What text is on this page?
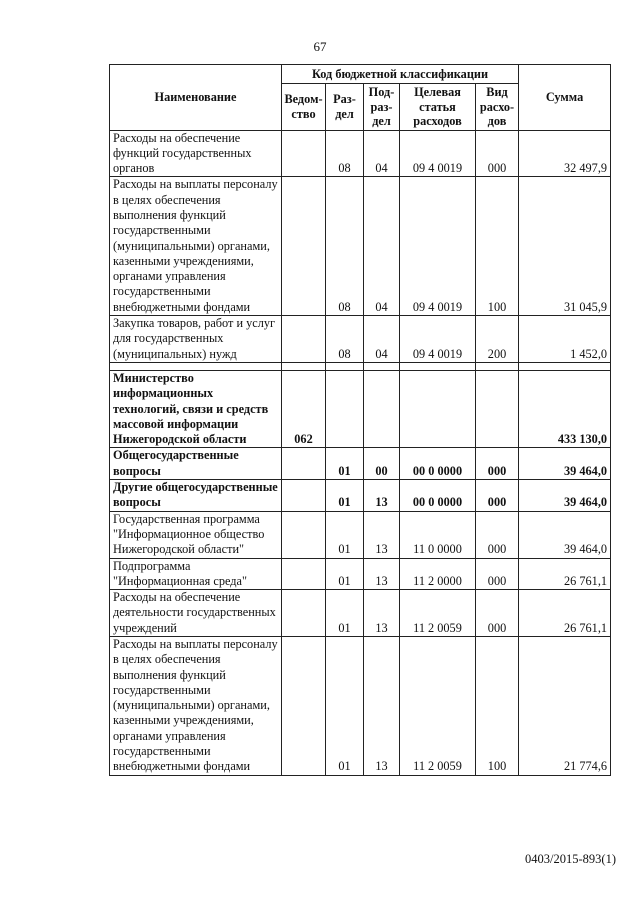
67
Наименование	Код бюджетной классификации					Сумма
	Ведом-ство	Раз-дел	Под-раз-дел	Целевая статья расходов	Вид расхо-дов	
Расходы на обеспечение функций государственных органов		08	04	09 4 0019	000	32 497,9
Расходы на выплаты персоналу в целях обеспечения выполнения функций государственными (муниципальными) органами, казенными учреждениями, органами управления государственными внебюджетными фондами		08	04	09 4 0019	100	31 045,9
Закупка товаров, работ и услуг для государственных (муниципальных) нужд		08	04	09 4 0019	200	1 452,0

Министерство информационных технологий, связи и средств массовой информации Нижегородской области	062					433 130,0
Общегосударственные вопросы		01	00	00 0 0000	000	39 464,0
Другие общегосударственные вопросы		01	13	00 0 0000	000	39 464,0
Государственная программа "Информационное общество Нижегородской области"		01	13	11 0 0000	000	39 464,0
Подпрограмма "Информационная среда"		01	13	11 2 0000	000	26 761,1
Расходы на обеспечение деятельности государственных учреждений		01	13	11 2 0059	000	26 761,1
Расходы на выплаты персоналу в целях обеспечения выполнения функций государственными (муниципальными) органами, казенными учреждениями, органами управления государственными внебюджетными фондами		01	13	11 2 0059	100	21 774,6
0403/2015-893(1)
